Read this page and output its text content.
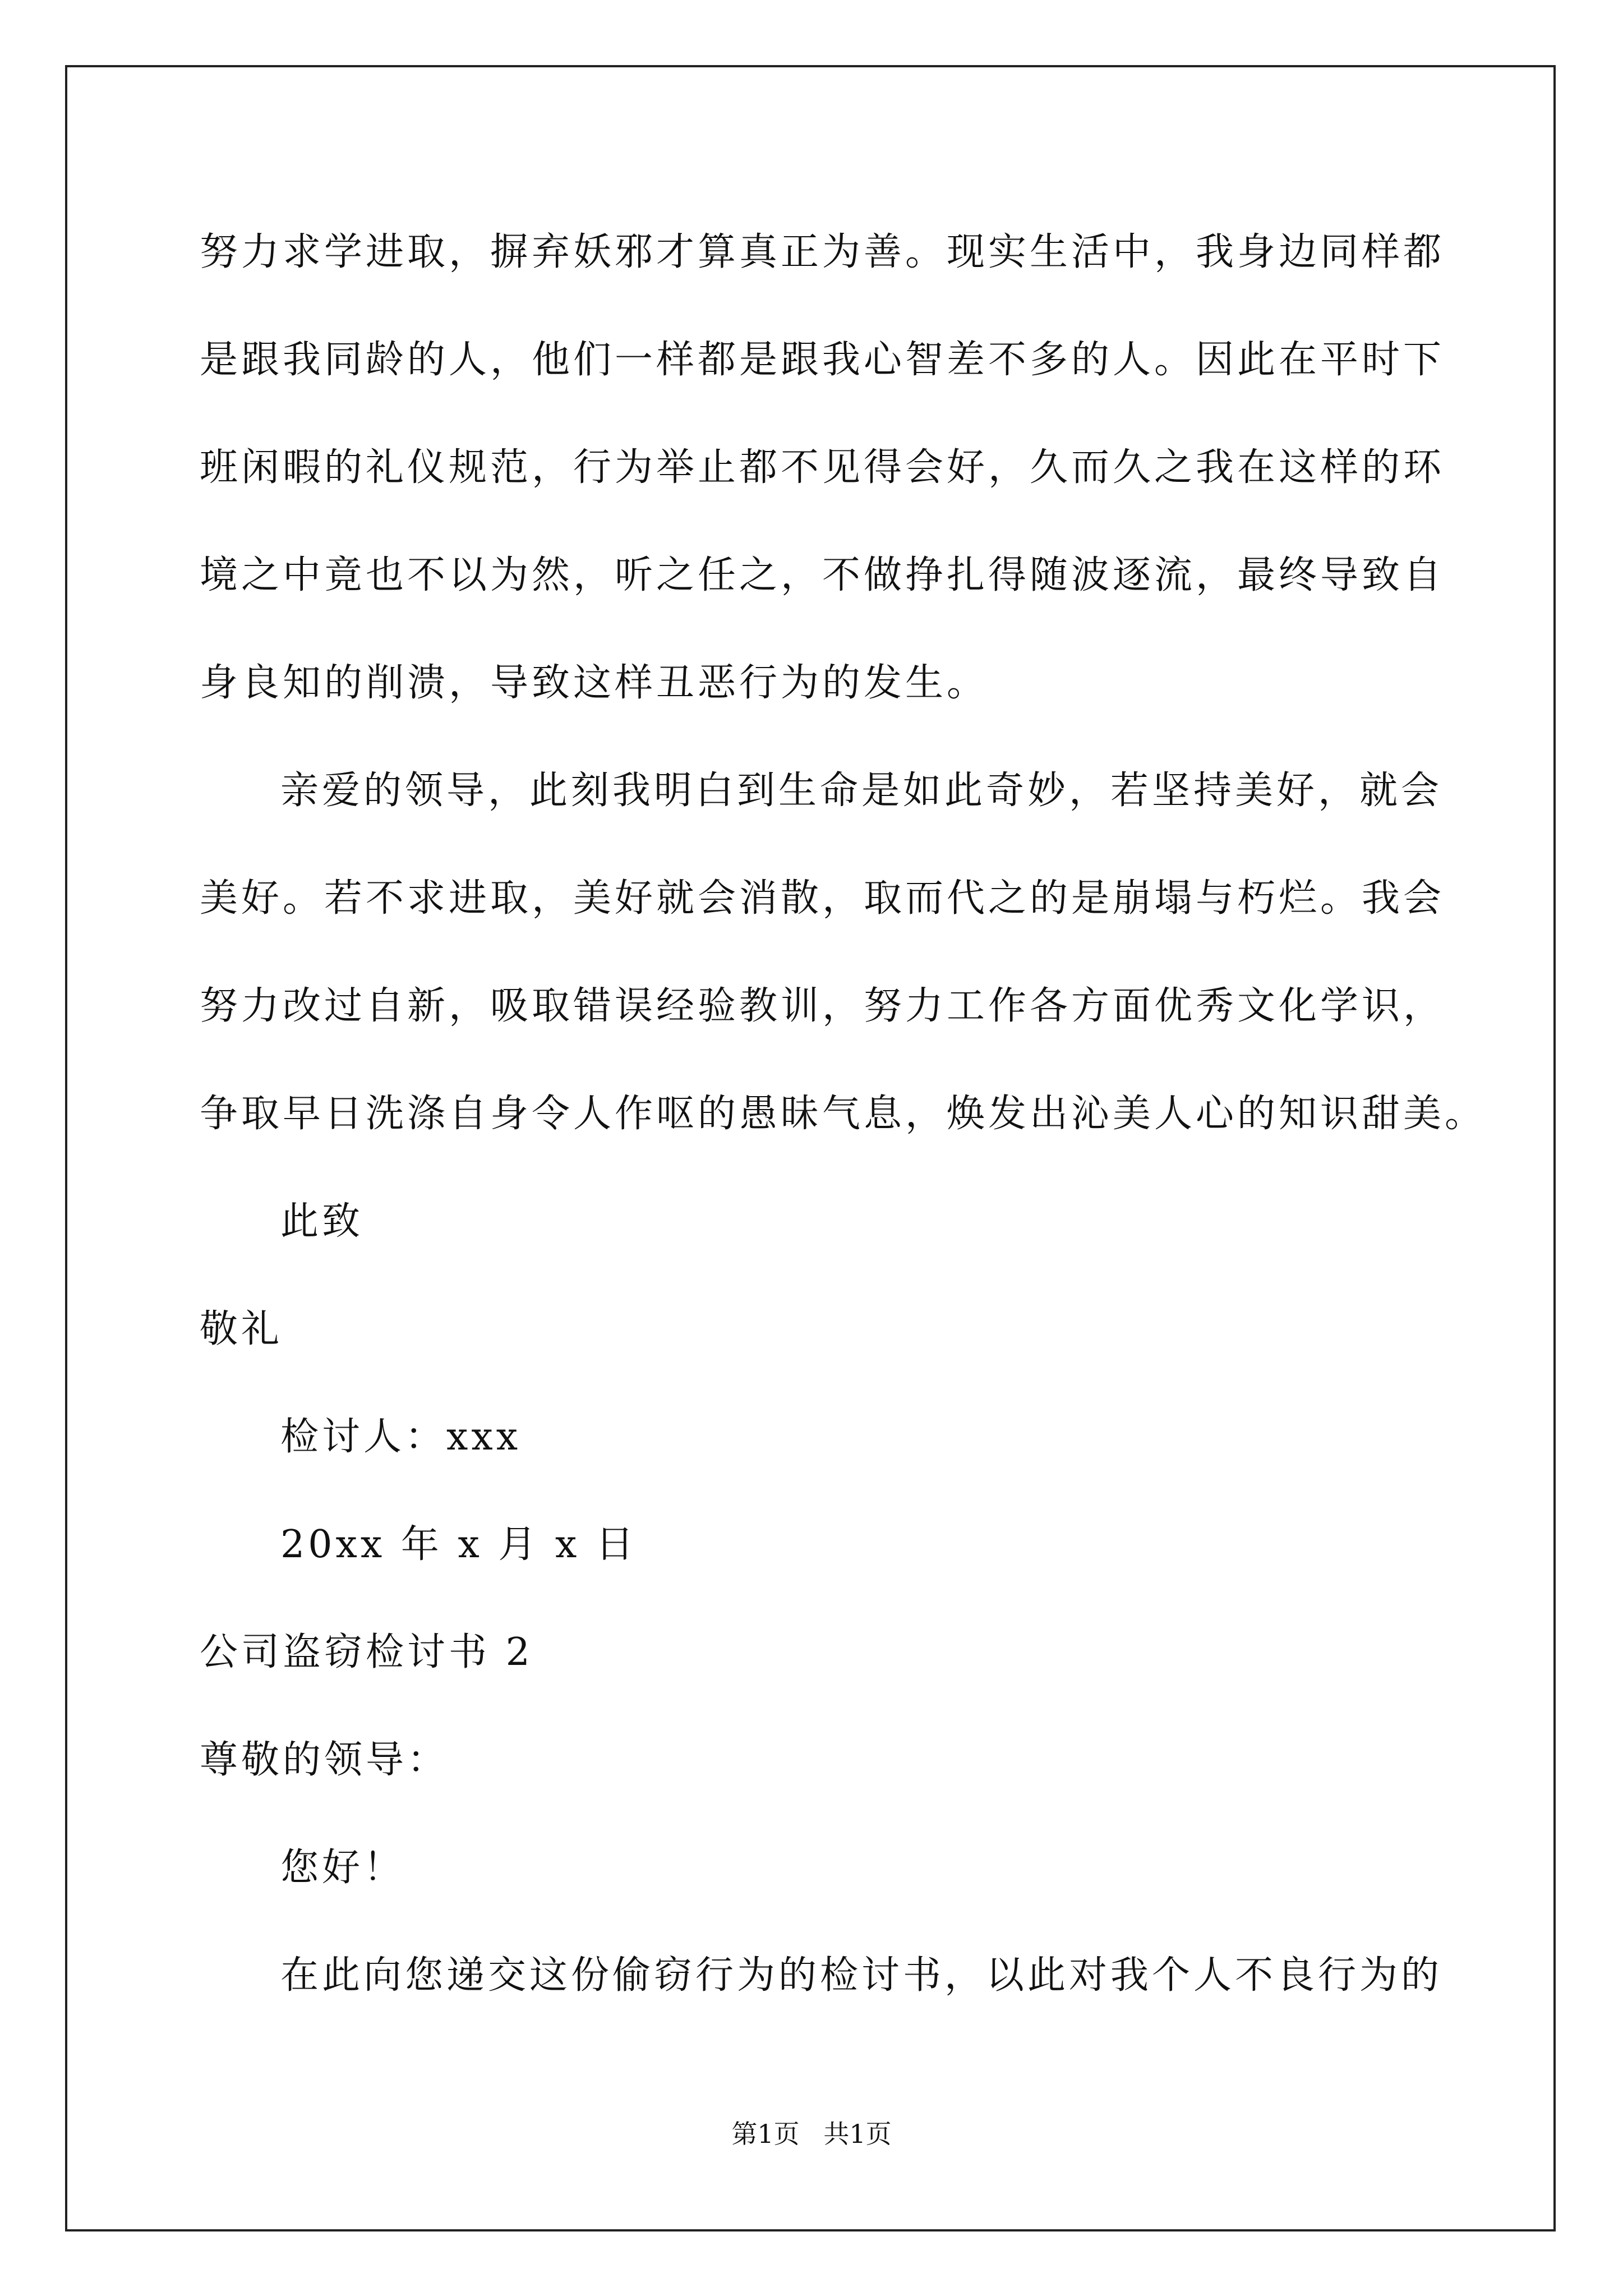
努力求学进取，摒弃妖邪才算真正为善。现实生活中，我身边同样都
是跟我同龄的人，他们一样都是跟我心智差不多的人。因此在平时下
班闲暇的礼仪规范，行为举止都不见得会好，久而久之我在这样的环
境之中竟也不以为然，听之任之，不做挣扎得随波逐流，最终导致自
身良知的削溃，导致这样丑恶行为的发生。
亲爱的领导，此刻我明白到生命是如此奇妙，若坚持美好，就会
美好。若不求进取，美好就会消散，取而代之的是崩塌与朽烂。我会
努力改过自新，吸取错误经验教训，努力工作各方面优秀文化学识，
争取早日洗涤自身令人作呕的愚昧气息，焕发出沁美人心的知识甜美。
此致
敬礼
检讨人：xxx
20xx 年 x 月 x 日
公司盗窃检讨书 2
尊敬的领导：
您好！
在此向您递交这份偷窃行为的检讨书，以此对我个人不良行为的
第1页 共1页
